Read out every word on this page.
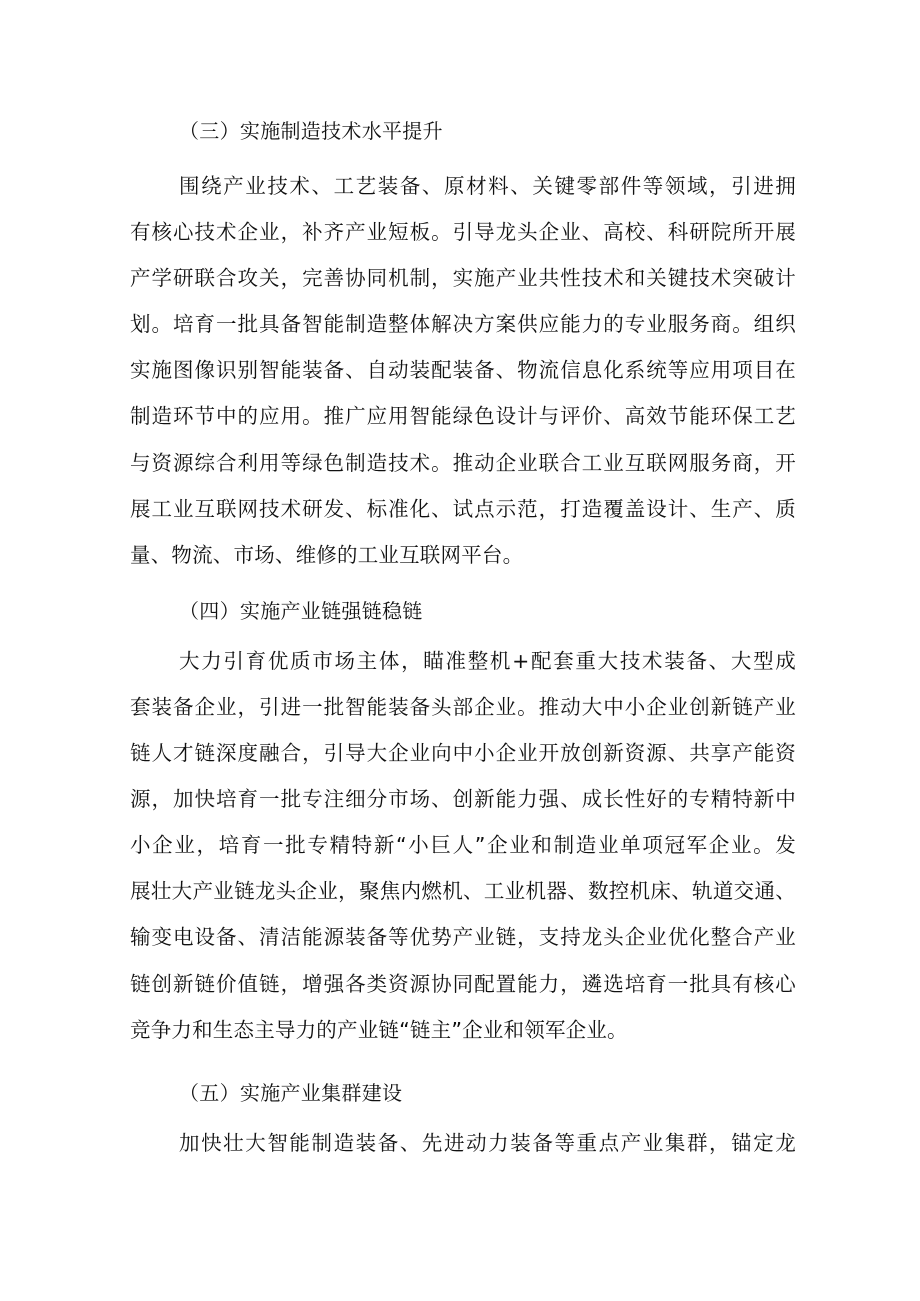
（三）实施制造技术水平提升
围绕产业技术、工艺装备、原材料、关键零部件等领域，引进拥
有核心技术企业，补齐产业短板。引导龙头企业、高校、科研院所开展
产学研联合攻关，完善协同机制，实施产业共性技术和关键技术突破计
划。培育一批具备智能制造整体解决方案供应能力的专业服务商。组织
实施图像识别智能装备、自动装配装备、物流信息化系统等应用项目在
制造环节中的应用。推广应用智能绿色设计与评价、高效节能环保工艺
与资源综合利用等绿色制造技术。推动企业联合工业互联网服务商，开
展工业互联网技术研发、标准化、试点示范，打造覆盖设计、生产、质
量、物流、市场、维修的工业互联网平台。
（四）实施产业链强链稳链
大力引育优质市场主体，瞄准整机+配套重大技术装备、大型成
套装备企业，引进一批智能装备头部企业。推动大中小企业创新链产业
链人才链深度融合，引导大企业向中小企业开放创新资源、共享产能资
源，加快培育一批专注细分市场、创新能力强、成长性好的专精特新中
小企业，培育一批专精特新“小巨人”企业和制造业单项冠军企业。发
展壮大产业链龙头企业，聚焦内燃机、工业机器、数控机床、轨道交通、
输变电设备、清洁能源装备等优势产业链，支持龙头企业优化整合产业
链创新链价值链，增强各类资源协同配置能力，遴选培育一批具有核心
竞争力和生态主导力的产业链“链主”企业和领军企业。
（五）实施产业集群建设
加快壮大智能制造装备、先进动力装备等重点产业集群，锚定龙
